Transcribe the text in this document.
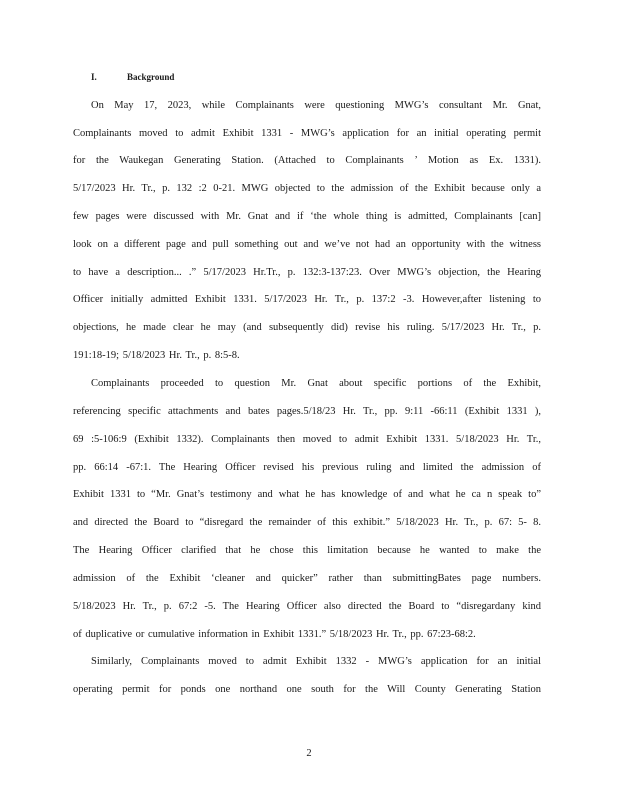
I.	Background
On May 17, 2023, while Complainants were questioning MWG’s consultant Mr. Gnat,
Complainants moved to admit Exhibit 1331 - MWG’s application for an initial operating permit
for the Waukegan Generating Station. (Attached to Complainants ’ Motion as Ex. 1331).
5/17/2023 Hr. Tr., p. 132 :2 0-21. MWG objected to the admission of the Exhibit because only a
few pages were discussed with Mr. Gnat and if ‘the whole thing is admitted, Complainants [can]
look on a different page and pull something out and we’ve not had an opportunity with the witness
to have a description... .” 5/17/2023 Hr.Tr., p. 132:3-137:23. Over MWG’s objection, the Hearing
Officer initially admitted Exhibit 1331. 5/17/2023 Hr. Tr., p. 137:2 -3. However,after listening to
objections, he made clear he may (and subsequently did) revise his ruling. 5/17/2023 Hr. Tr., p.
191:18-19; 5/18/2023 Hr. Tr., p. 8:5-8.
Complainants proceeded to question Mr. Gnat about specific portions of the Exhibit,
referencing specific attachments and bates pages.5/18/23 Hr. Tr., pp. 9:11 -66:11 (Exhibit 1331 ),
69 :5-106:9 (Exhibit 1332). Complainants then moved to admit Exhibit 1331. 5/18/2023 Hr. Tr.,
pp. 66:14 -67:1. The Hearing Officer revised his previous ruling and limited the admission of
Exhibit 1331 to “Mr. Gnat’s testimony and what he has knowledge of and what he ca n speak to”
and directed the Board to “disregard the remainder of this exhibit.” 5/18/2023 Hr. Tr., p. 67: 5- 8.
The Hearing Officer clarified that he chose this limitation because he wanted to make the
admission of the Exhibit ‘cleaner and quicker” rather than submittingBates page numbers.
5/18/2023 Hr. Tr., p. 67:2 -5. The Hearing Officer also directed the Board to “disregardany kind
of duplicative or cumulative information in Exhibit 1331.” 5/18/2023 Hr. Tr., pp. 67:23-68:2.
Similarly, Complainants moved to admit Exhibit 1332 - MWG’s application for an initial
operating permit for ponds one northand one south for the Will County Generating Station
2
